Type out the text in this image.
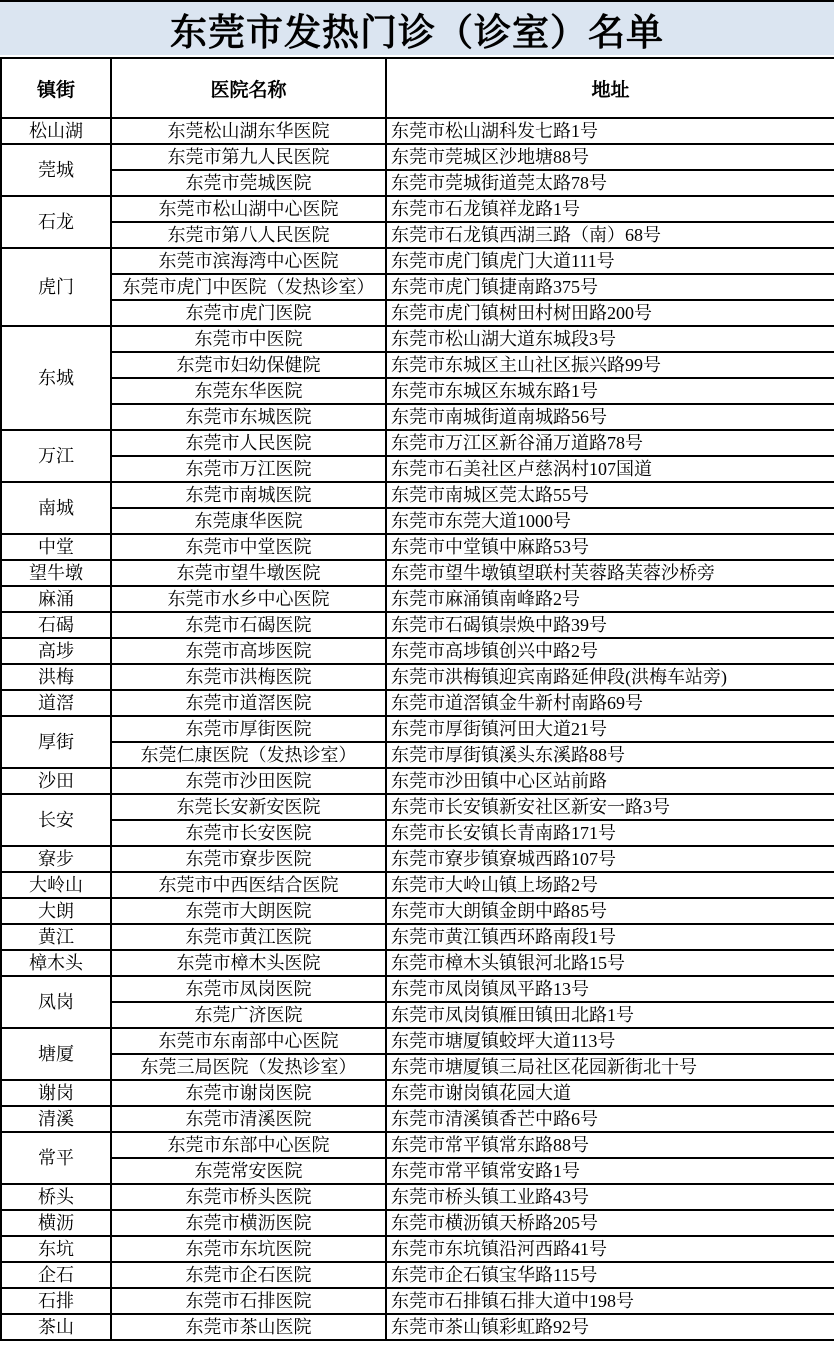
东莞市发热门诊（诊室）名单
镇街	医院名称	地址
松山湖	东莞松山湖东华医院	东莞市松山湖科发七路1号
莞城	东莞市第九人民医院	东莞市莞城区沙地塘88号
	东莞市莞城医院	东莞市莞城街道莞太路78号
石龙	东莞市松山湖中心医院	东莞市石龙镇祥龙路1号
	东莞市第八人民医院	东莞市石龙镇西湖三路（南）68号
虎门	东莞市滨海湾中心医院	东莞市虎门镇虎门大道111号
	东莞市虎门中医院（发热诊室）	东莞市虎门镇捷南路375号
	东莞市虎门医院	东莞市虎门镇树田村树田路200号
东城	东莞市中医院	东莞市松山湖大道东城段3号
	东莞市妇幼保健院	东莞市东城区主山社区振兴路99号
	东莞东华医院	东莞市东城区东城东路1号
	东莞市东城医院	东莞市南城街道南城路56号
万江	东莞市人民医院	东莞市万江区新谷涌万道路78号
	东莞市万江医院	东莞市石美社区卢慈涡村107国道
南城	东莞市南城医院	东莞市南城区莞太路55号
	东莞康华医院	东莞市东莞大道1000号
中堂	东莞市中堂医院	东莞市中堂镇中麻路53号
望牛墩	东莞市望牛墩医院	东莞市望牛墩镇望联村芙蓉路芙蓉沙桥旁
麻涌	东莞市水乡中心医院	东莞市麻涌镇南峰路2号
石碣	东莞市石碣医院	东莞市石碣镇崇焕中路39号
高埗	东莞市高埗医院	东莞市高埗镇创兴中路2号
洪梅	东莞市洪梅医院	东莞市洪梅镇迎宾南路延伸段(洪梅车站旁)
道滘	东莞市道滘医院	东莞市道滘镇金牛新村南路69号
厚街	东莞市厚街医院	东莞市厚街镇河田大道21号
	东莞仁康医院（发热诊室）	东莞市厚街镇溪头东溪路88号
沙田	东莞市沙田医院	东莞市沙田镇中心区站前路
长安	东莞长安新安医院	东莞市长安镇新安社区新安一路3号
	东莞市长安医院	东莞市长安镇长青南路171号
寮步	东莞市寮步医院	东莞市寮步镇寮城西路107号
大岭山	东莞市中西医结合医院	东莞市大岭山镇上场路2号
大朗	东莞市大朗医院	东莞市大朗镇金朗中路85号
黄江	东莞市黄江医院	东莞市黄江镇西环路南段1号
樟木头	东莞市樟木头医院	东莞市樟木头镇银河北路15号
凤岗	东莞市凤岗医院	东莞市凤岗镇凤平路13号
	东莞广济医院	东莞市凤岗镇雁田镇田北路1号
塘厦	东莞市东南部中心医院	东莞市塘厦镇蛟坪大道113号
	东莞三局医院（发热诊室）	东莞市塘厦镇三局社区花园新街北十号
谢岗	东莞市谢岗医院	东莞市谢岗镇花园大道
清溪	东莞市清溪医院	东莞市清溪镇香芒中路6号
常平	东莞市东部中心医院	东莞市常平镇常东路88号
	东莞常安医院	东莞市常平镇常安路1号
桥头	东莞市桥头医院	东莞市桥头镇工业路43号
横沥	东莞市横沥医院	东莞市横沥镇天桥路205号
东坑	东莞市东坑医院	东莞市东坑镇沿河西路41号
企石	东莞市企石医院	东莞市企石镇宝华路115号
石排	东莞市石排医院	东莞市石排镇石排大道中198号
茶山	东莞市茶山医院	东莞市茶山镇彩虹路92号
